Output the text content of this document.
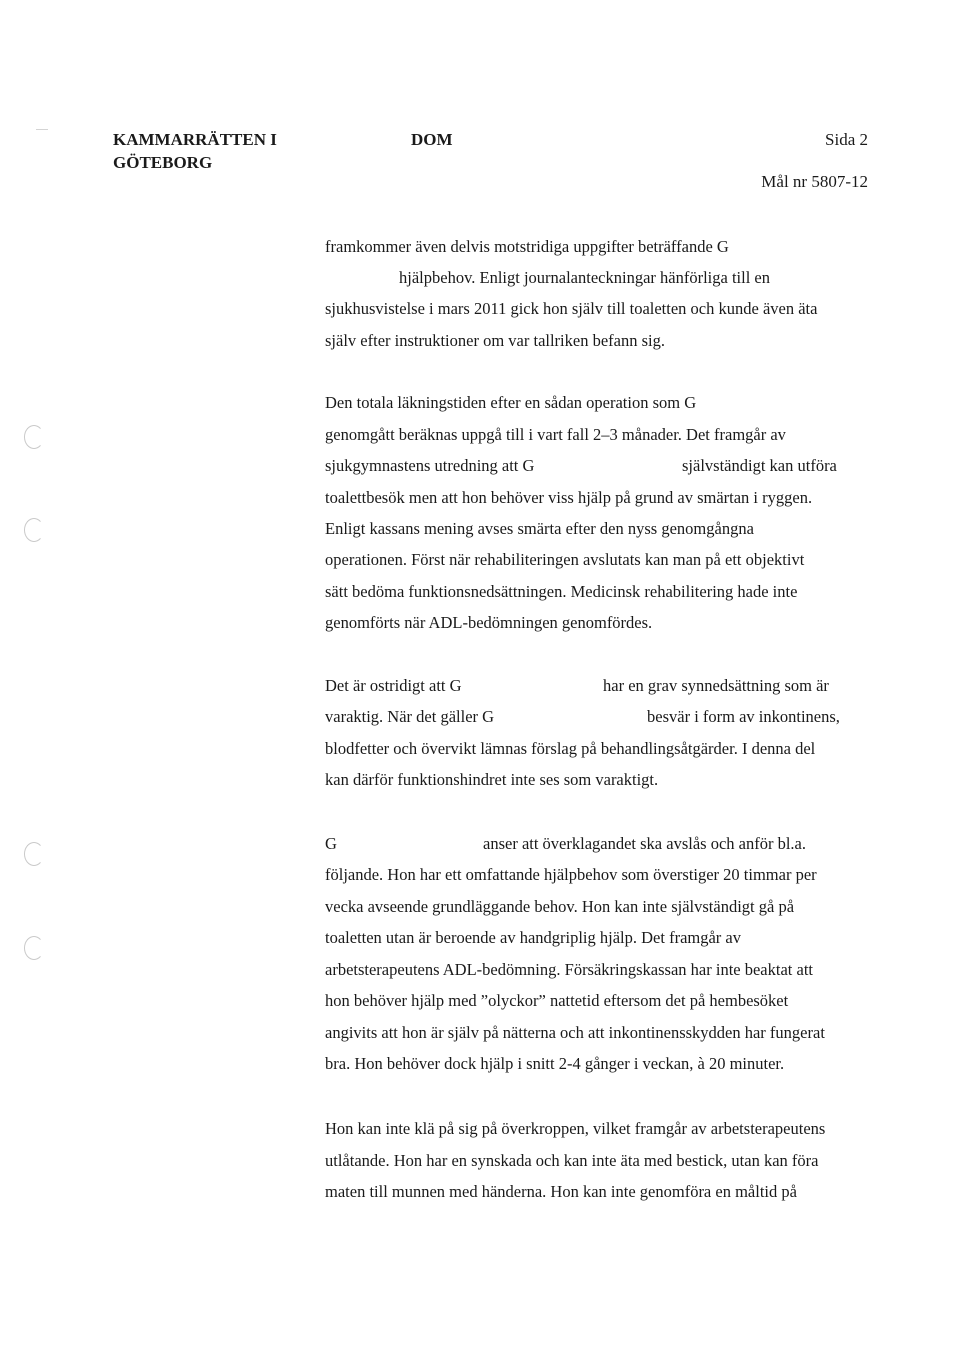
KAMMARRÄTTEN I
GÖTEBORG
DOM	Sida 2
Mål nr 5807-12
framkommer även delvis motstridiga uppgifter beträffande G
hjälpbehov. Enligt journalanteckningar hänförliga till en
sjukhusvistelse i mars 2011 gick hon själv till toaletten och kunde även äta
själv efter instruktioner om var tallriken befann sig.
Den totala läkningstiden efter en sådan operation som G
genomgått beräknas uppgå till i vart fall 2–3 månader. Det framgår av
sjukgymnastens utredning att G	självständigt kan utföra
toalettbesök men att hon behöver viss hjälp på grund av smärtan i ryggen.
Enligt kassans mening avses smärta efter den nyss genomgångna
operationen. Först när rehabiliteringen avslutats kan man på ett objektivt
sätt bedöma funktionsnedsättningen. Medicinsk rehabilitering hade inte
genomförts när ADL-bedömningen genomfördes.
Det är ostridigt att G	har en grav synnedsättning som är
varaktig. När det gäller G	besvär i form av inkontinens,
blodfetter och övervikt lämnas förslag på behandlingsåtgärder. I denna del
kan därför funktionshindret inte ses som varaktigt.
G	anser att överklagandet ska avslås och anför bl.a.
följande. Hon har ett omfattande hjälpbehov som överstiger 20 timmar per
vecka avseende grundläggande behov. Hon kan inte självständigt gå på
toaletten utan är beroende av handgriplig hjälp. Det framgår av
arbetsterapeutens ADL-bedömning. Försäkringskassan har inte beaktat att
hon behöver hjälp med ”olyckor” nattetid eftersom det på hembesöket
angivits att hon är själv på nätterna och att inkontinensskydden har fungerat
bra. Hon behöver dock hjälp i snitt 2-4 gånger i veckan, à 20 minuter.
Hon kan inte klä på sig på överkroppen, vilket framgår av arbetsterapeutens
utlåtande. Hon har en synskada och kan inte äta med bestick, utan kan föra
maten till munnen med händerna. Hon kan inte genomföra en måltid på
